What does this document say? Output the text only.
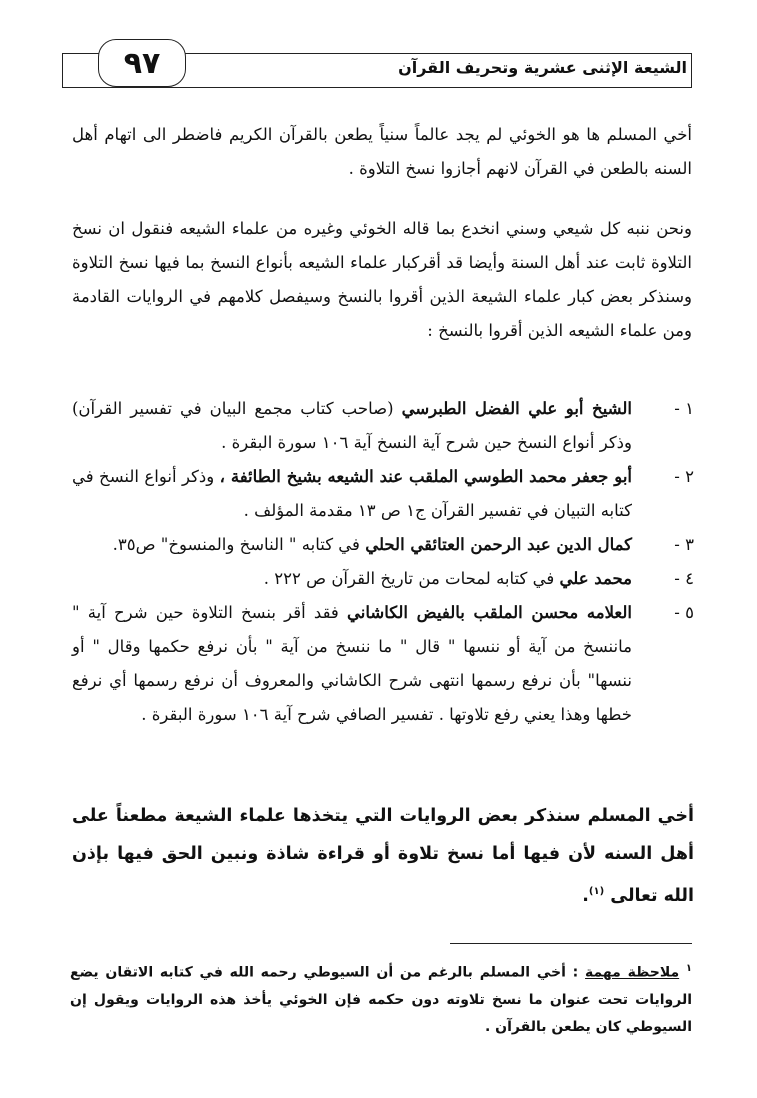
الشيعة الإثنى عشرية وتحريف القرآن
٩٧
أخي المسلم ها هو الخوئي لم يجد عالماً سنياً يطعن بالقرآن الكريم فاضطر الى اتهام أهل السنه بالطعن في القرآن لانهم أجازوا نسخ التلاوة .
ونحن ننبه كل شيعي وسني انخدع بما قاله الخوئي وغيره من علماء الشيعه فنقول ان نسخ التلاوة ثابت عند أهل السنة وأيضا قد أقركبار علماء الشيعه بأنواع النسخ بما فيها نسخ التلاوة وسنذكر بعض كبار علماء الشيعة الذين أقروا بالنسخ وسيفصل كلامهم في الروايات القادمة ومن علماء الشيعه الذين أقروا بالنسخ :
١ -
الشيخ أبو علي الفضل الطبرسي (صاحب كتاب مجمع البيان في تفسير القرآن) وذكر أنواع النسخ حين شرح آية النسخ آية ١٠٦ سورة البقرة .
٢ -
أبو جعفر محمد الطوسي الملقب عند الشيعه بشيخ الطائفة ، وذكر أنواع النسخ في كتابه التبيان في تفسير القرآن ج١ ص ١٣ مقدمة المؤلف .
٣ -
كمال الدين عبد الرحمن العتائقي الحلي في كتابه " الناسخ والمنسوخ" ص٣٥.
٤ -
محمد علي في كتابه لمحات من تاريخ القرآن ص ٢٢٢ .
٥ -
العلامه محسن الملقب بالفيض الكاشاني فقد أقر بنسخ التلاوة حين شرح آية " ماننسخ من آية أو ننسها " قال " ما ننسخ من آية " بأن نرفع حكمها وقال " أو ننسها" بأن نرفع رسمها انتهى شرح الكاشاني والمعروف أن نرفع رسمها أي نرفع خطها وهذا يعني رفع تلاوتها . تفسير الصافي شرح آية ١٠٦ سورة البقرة .
أخي المسلم سنذكر بعض الروايات التي يتخذها علماء الشيعة مطعناً على أهل السنه لأن فيها أما نسخ تلاوة أو قراءة شاذة ونبين الحق فيها بإذن الله تعالى $^{(١)}$.
$^١$ ملاحظة مهمة : أخي المسلم بالرغم من أن السيوطي رحمه الله في كتابه الاتقان يضع الروايات تحت عنوان ما نسخ تلاوته دون حكمه فإن الخوئي يأخذ هذه الروايات ويقول إن السيوطي كان يطعن بالقرآن .
